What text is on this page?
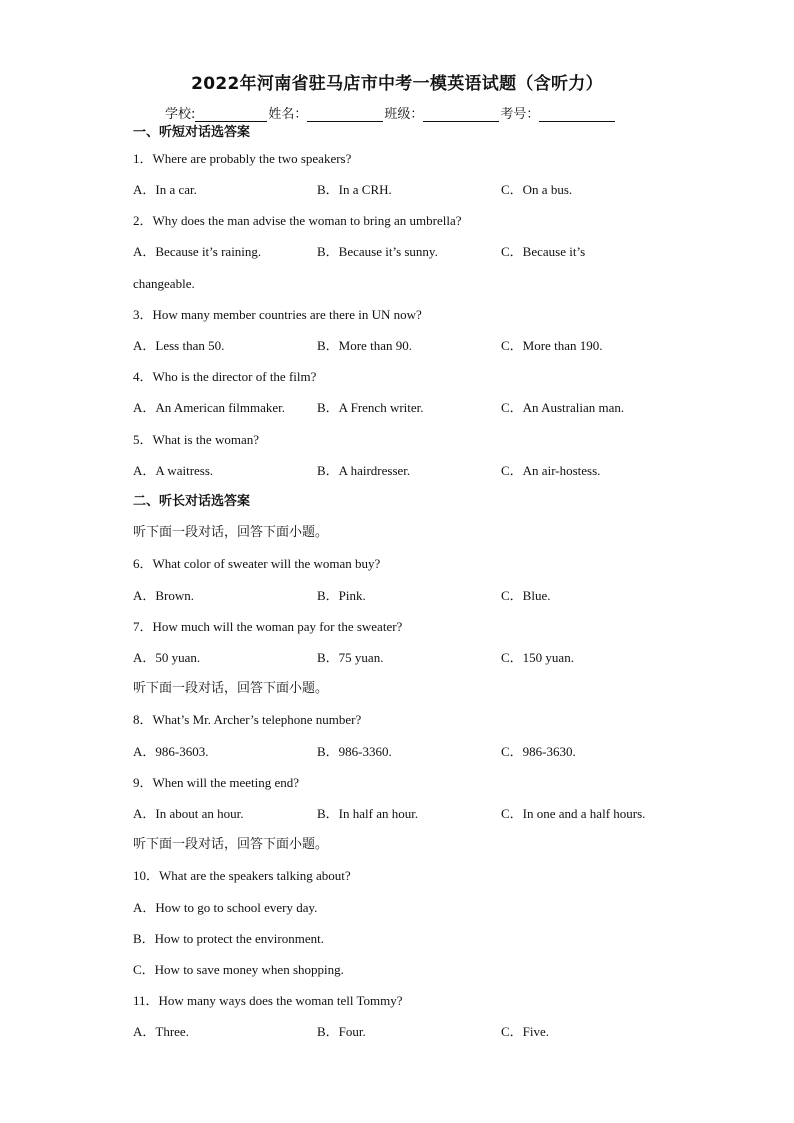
2022年河南省驻马店市中考一模英语试题（含听力）
学校:	姓名：	班级：	考号：
一、听短对话选答案
1．Where are probably the two speakers?
A．In a car.	B．In a CRH.	C．On a bus.
2．Why does the man advise the woman to bring an umbrella?
A．Because it’s raining.	B．Because it’s sunny.	C．Because it’s
changeable.
3．How many member countries are there in UN now?
A．Less than 50.	B．More than 90.	C．More than 190.
4．Who is the director of the film?
A．An American filmmaker. B．A French writer.	C．An Australian man.
5．What is the woman?
A．A waitress.	B．A hairdresser.	C．An air-hostess.
二、听长对话选答案
听下面一段对话，回答下面小题。
6．What color of sweater will the woman buy?
A．Brown.	B．Pink.	C．Blue.
7．How much will the woman pay for the sweater?
A．50 yuan.	B．75 yuan.	C．150 yuan.
听下面一段对话，回答下面小题。
8．What’s Mr. Archer’s telephone number?
A．986-3603.	B．986-3360.	C．986-3630.
9．When will the meeting end?
A．In about an hour.	B．In half an hour.	C．In one and a half hours.
听下面一段对话，回答下面小题。
10．What are the speakers talking about?
A．How to go to school every day.
B．How to protect the environment.
C．How to save money when shopping.
11．How many ways does the woman tell Tommy?
A．Three.	B．Four.	C．Five.
